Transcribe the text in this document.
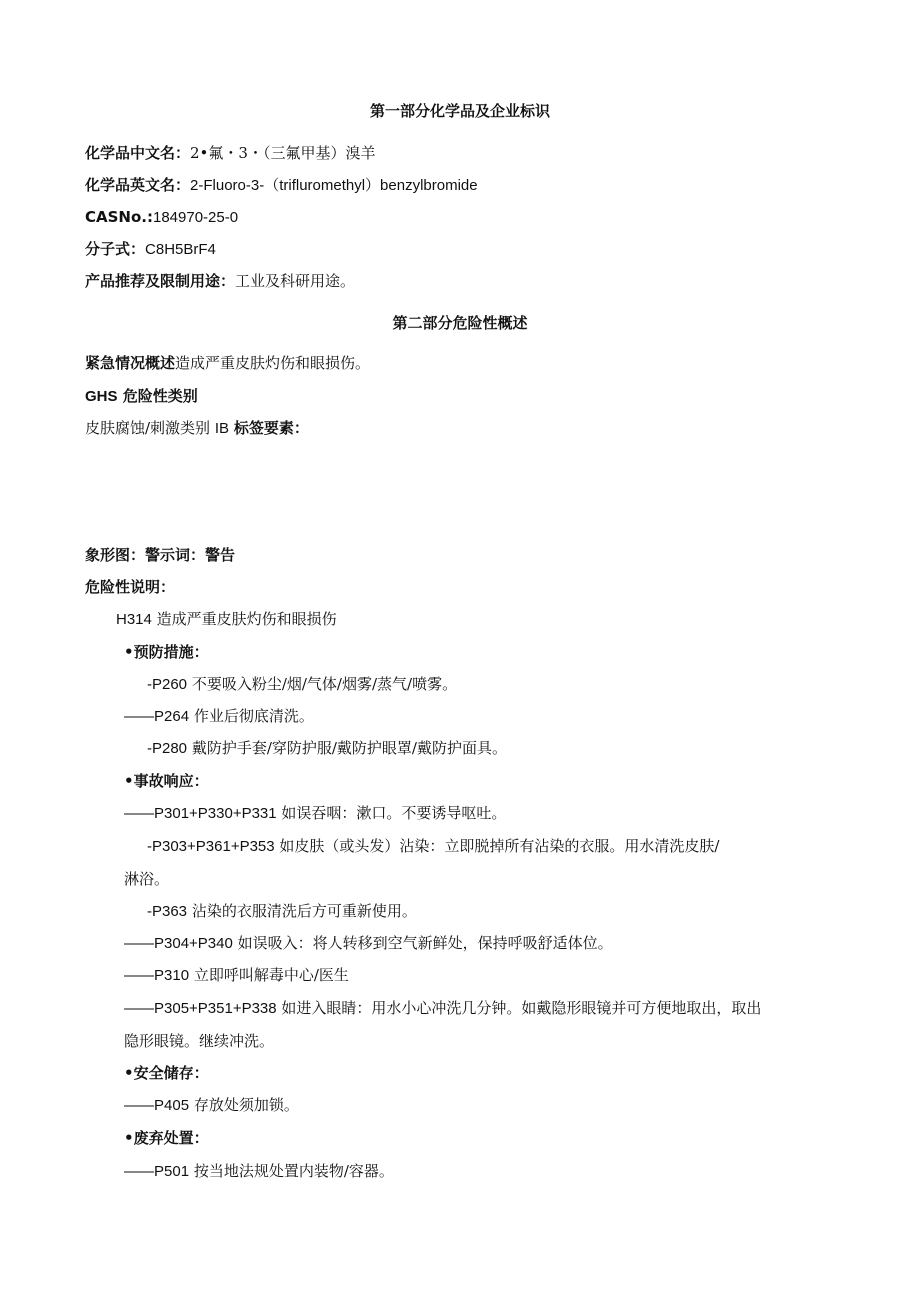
第一部分化学品及企业标识
化学品中文名：2•氟・3・（三氟甲基）溴羊
化学品英文名：2-Fluoro-3-（trifluromethyl）benzylbromide
CASNo.:184970-25-0
分子式：C8H5BrF4
产品推荐及限制用途：工业及科研用途。
第二部分危险性概述
紧急情况概述造成严重皮肤灼伤和眼损伤。
GHS 危险性类别
皮肤腐蚀/刺激类别 IB 标签要素：
象形图：警示词：警告
危险性说明：
H314 造成严重皮肤灼伤和眼损伤
•预防措施：
-P260 不要吸入粉尘/烟/气体/烟雾/蒸气/喷雾。
——P264 作业后彻底清洗。
-P280 戴防护手套/穿防护服/戴防护眼罩/戴防护面具。
•事故响应：
——P301+P330+P331 如误吞咽：漱口。不要诱导呕吐。
-P303+P361+P353 如皮肤（或头发）沾染：立即脱掉所有沾染的衣服。用水清洗皮肤/
淋浴。
-P363 沾染的衣服清洗后方可重新使用。
——P304+P340 如误吸入：将人转移到空气新鲜处，保持呼吸舒适体位。
——P310 立即呼叫解毒中心/医生
——P305+P351+P338 如进入眼睛：用水小心冲洗几分钟。如戴隐形眼镜并可方便地取出，取出
隐形眼镜。继续冲洗。
•安全储存：
——P405 存放处须加锁。
•废弃处置：
——P501 按当地法规处置内装物/容器。
